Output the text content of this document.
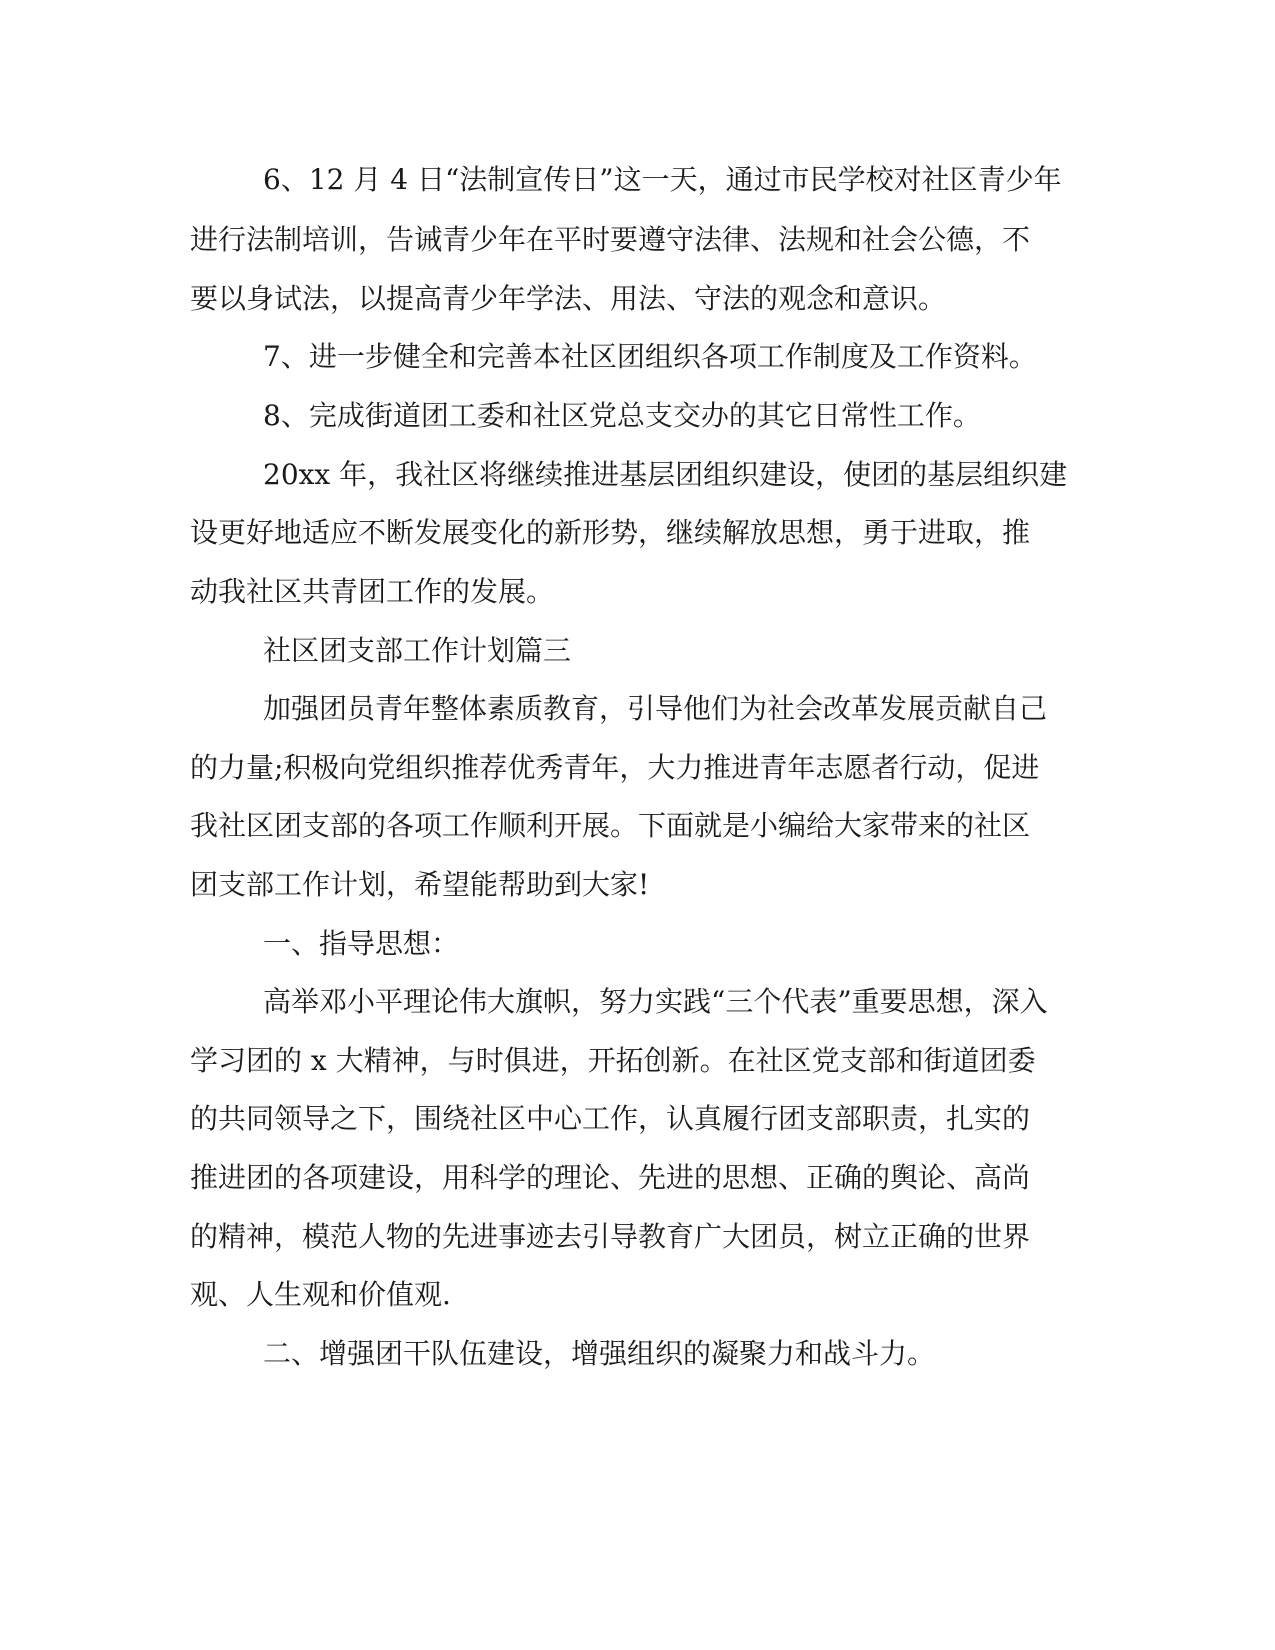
6、12 月 4 日“法制宣传日”这一天，通过市民学校对社区青少年
进行法制培训，告诫青少年在平时要遵守法律、法规和社会公德，不
要以身试法，以提高青少年学法、用法、守法的观念和意识。
7、进一步健全和完善本社区团组织各项工作制度及工作资料。
8、完成街道团工委和社区党总支交办的其它日常性工作。
20xx 年，我社区将继续推进基层团组织建设，使团的基层组织建
设更好地适应不断发展变化的新形势，继续解放思想，勇于进取，推
动我社区共青团工作的发展。
社区团支部工作计划篇三
加强团员青年整体素质教育，引导他们为社会改革发展贡献自己
的力量;积极向党组织推荐优秀青年，大力推进青年志愿者行动，促进
我社区团支部的各项工作顺利开展。下面就是小编给大家带来的社区
团支部工作计划，希望能帮助到大家!
一、指导思想：
高举邓小平理论伟大旗帜，努力实践“三个代表”重要思想，深入
学习团的 x 大精神，与时俱进，开拓创新。在社区党支部和街道团委
的共同领导之下，围绕社区中心工作，认真履行团支部职责，扎实的
推进团的各项建设，用科学的理论、先进的思想、正确的舆论、高尚
的精神，模范人物的先进事迹去引导教育广大团员，树立正确的世界
观、人生观和价值观.
二、增强团干队伍建设，增强组织的凝聚力和战斗力。
